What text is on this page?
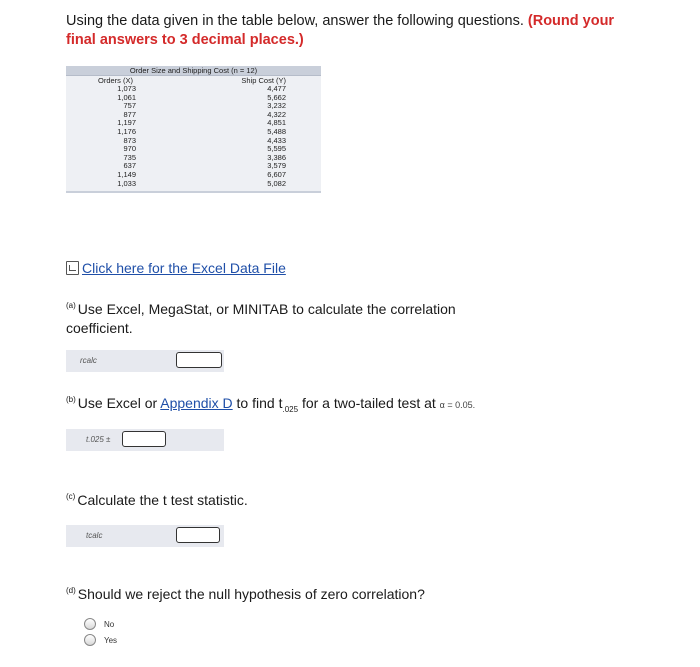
Using the data given in the table below, answer the following questions. (Round your final answers to 3 decimal places.)
Order Size and Shipping Cost (n = 12)
Orders (X)	Ship Cost (Y)
1,073	4,477
1,061	5,662
757	3,232
877	4,322
1,197	4,851
1,176	5,488
873	4,433
970	5,595
735	3,386
637	3,579
1,149	6,607
1,033	5,082
Click here for the Excel Data File
$^{(a)}$ Use Excel, MegaStat, or MINITAB to calculate the correlation coefficient.
rcalc
$^{(b)}$ Use Excel or Appendix D to find $t_{.025}$ for a two-tailed test at α = 0.05.
t.025 ±
$^{(c)}$ Calculate the t test statistic.
tcalc
$^{(d)}$ Should we reject the null hypothesis of zero correlation?
No
Yes
